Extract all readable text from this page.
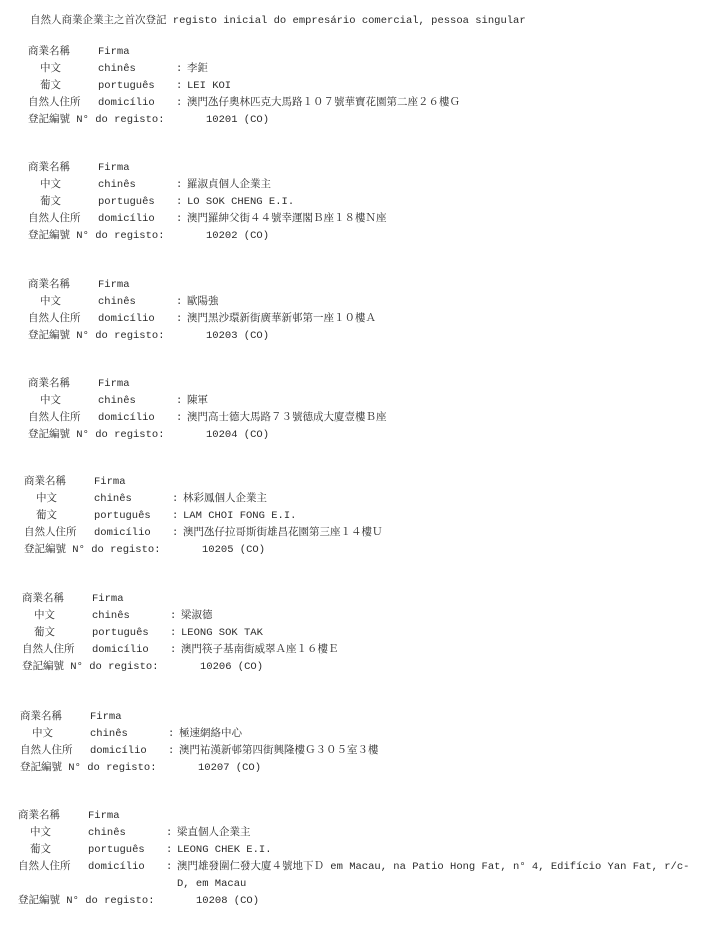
自然人商業企業主之首次登記 registo inicial do empresário comercial, pessoa singular
商業名稱	Firma
中文	chinês	: 李鉅
葡文	português : LEI KOI
自然人住所 domicílio : 澳門氹仔奧林匹克大馬路１０７號華寶花園第二座２６樓Ｇ
登記編號 N° do registo:	10201 (CO)
商業名稱	Firma
中文	chinês	: 羅淑貞個人企業主
葡文	português : LO SOK CHENG E.I.
自然人住所 domicílio : 澳門羅紳父街４４號幸運閣Ｂ座１８樓Ｎ座
登記編號 N° do registo:	10202 (CO)
商業名稱	Firma
中文	chinês	: 歐陽強
自然人住所 domicílio : 澳門黑沙環新街廣華新邨第一座１０樓Ａ
登記編號 N° do registo:	10203 (CO)
商業名稱	Firma
中文	chinês	: 陳軍
自然人住所 domicílio : 澳門高士德大馬路７３號德成大廈壹樓Ｂ座
登記編號 N° do registo:	10204 (CO)
商業名稱	Firma
中文	chinês	: 林彩鳳個人企業主
葡文	português : LAM CHOI FONG E.I.
自然人住所 domicílio : 澳門氹仔拉哥斯街雄昌花園第三座１４樓Ｕ
登記編號 N° do registo:	10205 (CO)
商業名稱	Firma
中文	chinês	: 梁淑德
葡文	português : LEONG SOK TAK
自然人住所 domicílio : 澳門筷子基南街威翠Ａ座１６樓Ｅ
登記編號 N° do registo:	10206 (CO)
商業名稱	Firma
中文	chinês	: 極速網絡中心
自然人住所 domicílio : 澳門祐漢新邨第四街興隆樓Ｇ３０５室３樓
登記編號 N° do registo:	10207 (CO)
商業名稱	Firma
中文	chinês	: 梁直個人企業主
葡文	português : LEONG CHEK E.I.
自然人住所 domicílio : 澳門雄發圍仁發大廈４號地下Ｄ em Macau, na Patio Hong Fat, n° 4, Edifício Yan Fat, r/c-D, em Macau
登記編號 N° do registo:	10208 (CO)
